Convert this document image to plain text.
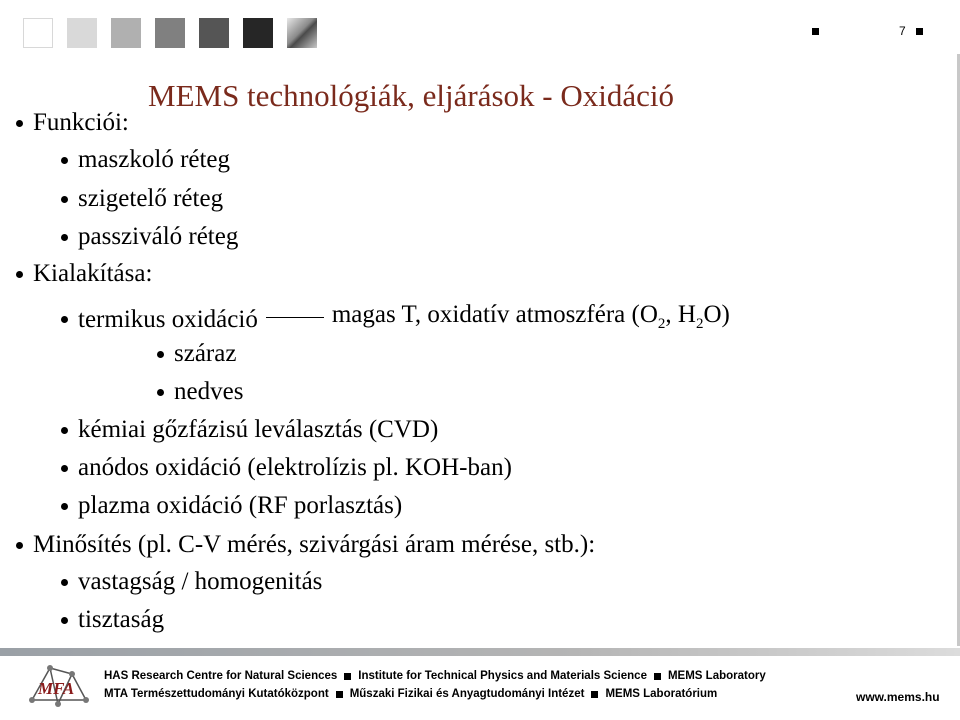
7
MEMS technológiák, eljárások - Oxidáció
Funkciói:
maszkoló réteg
szigetelő réteg
passziváló réteg
Kialakítása:
termikus oxidáció	magas T, oxidatív atmoszféra ($O_2$, $H_2O$)
száraz
nedves
kémiai gőzfázisú leválasztás (CVD)
anódos oxidáció (elektrolízis pl. KOH-ban)
plazma oxidáció (RF porlasztás)
Minősítés (pl. C-V mérés, szivárgási áram mérése, stb.):
vastagság / homogenitás
tisztaság
MFA
HAS Research Centre for Natural Sciences Institute for Technical Physics and Materials Science MEMS Laboratory
MTA Természettudományi Kutatóközpont Műszaki Fizikai és Anyagtudományi Intézet MEMS Laboratórium	www.mems.hu
